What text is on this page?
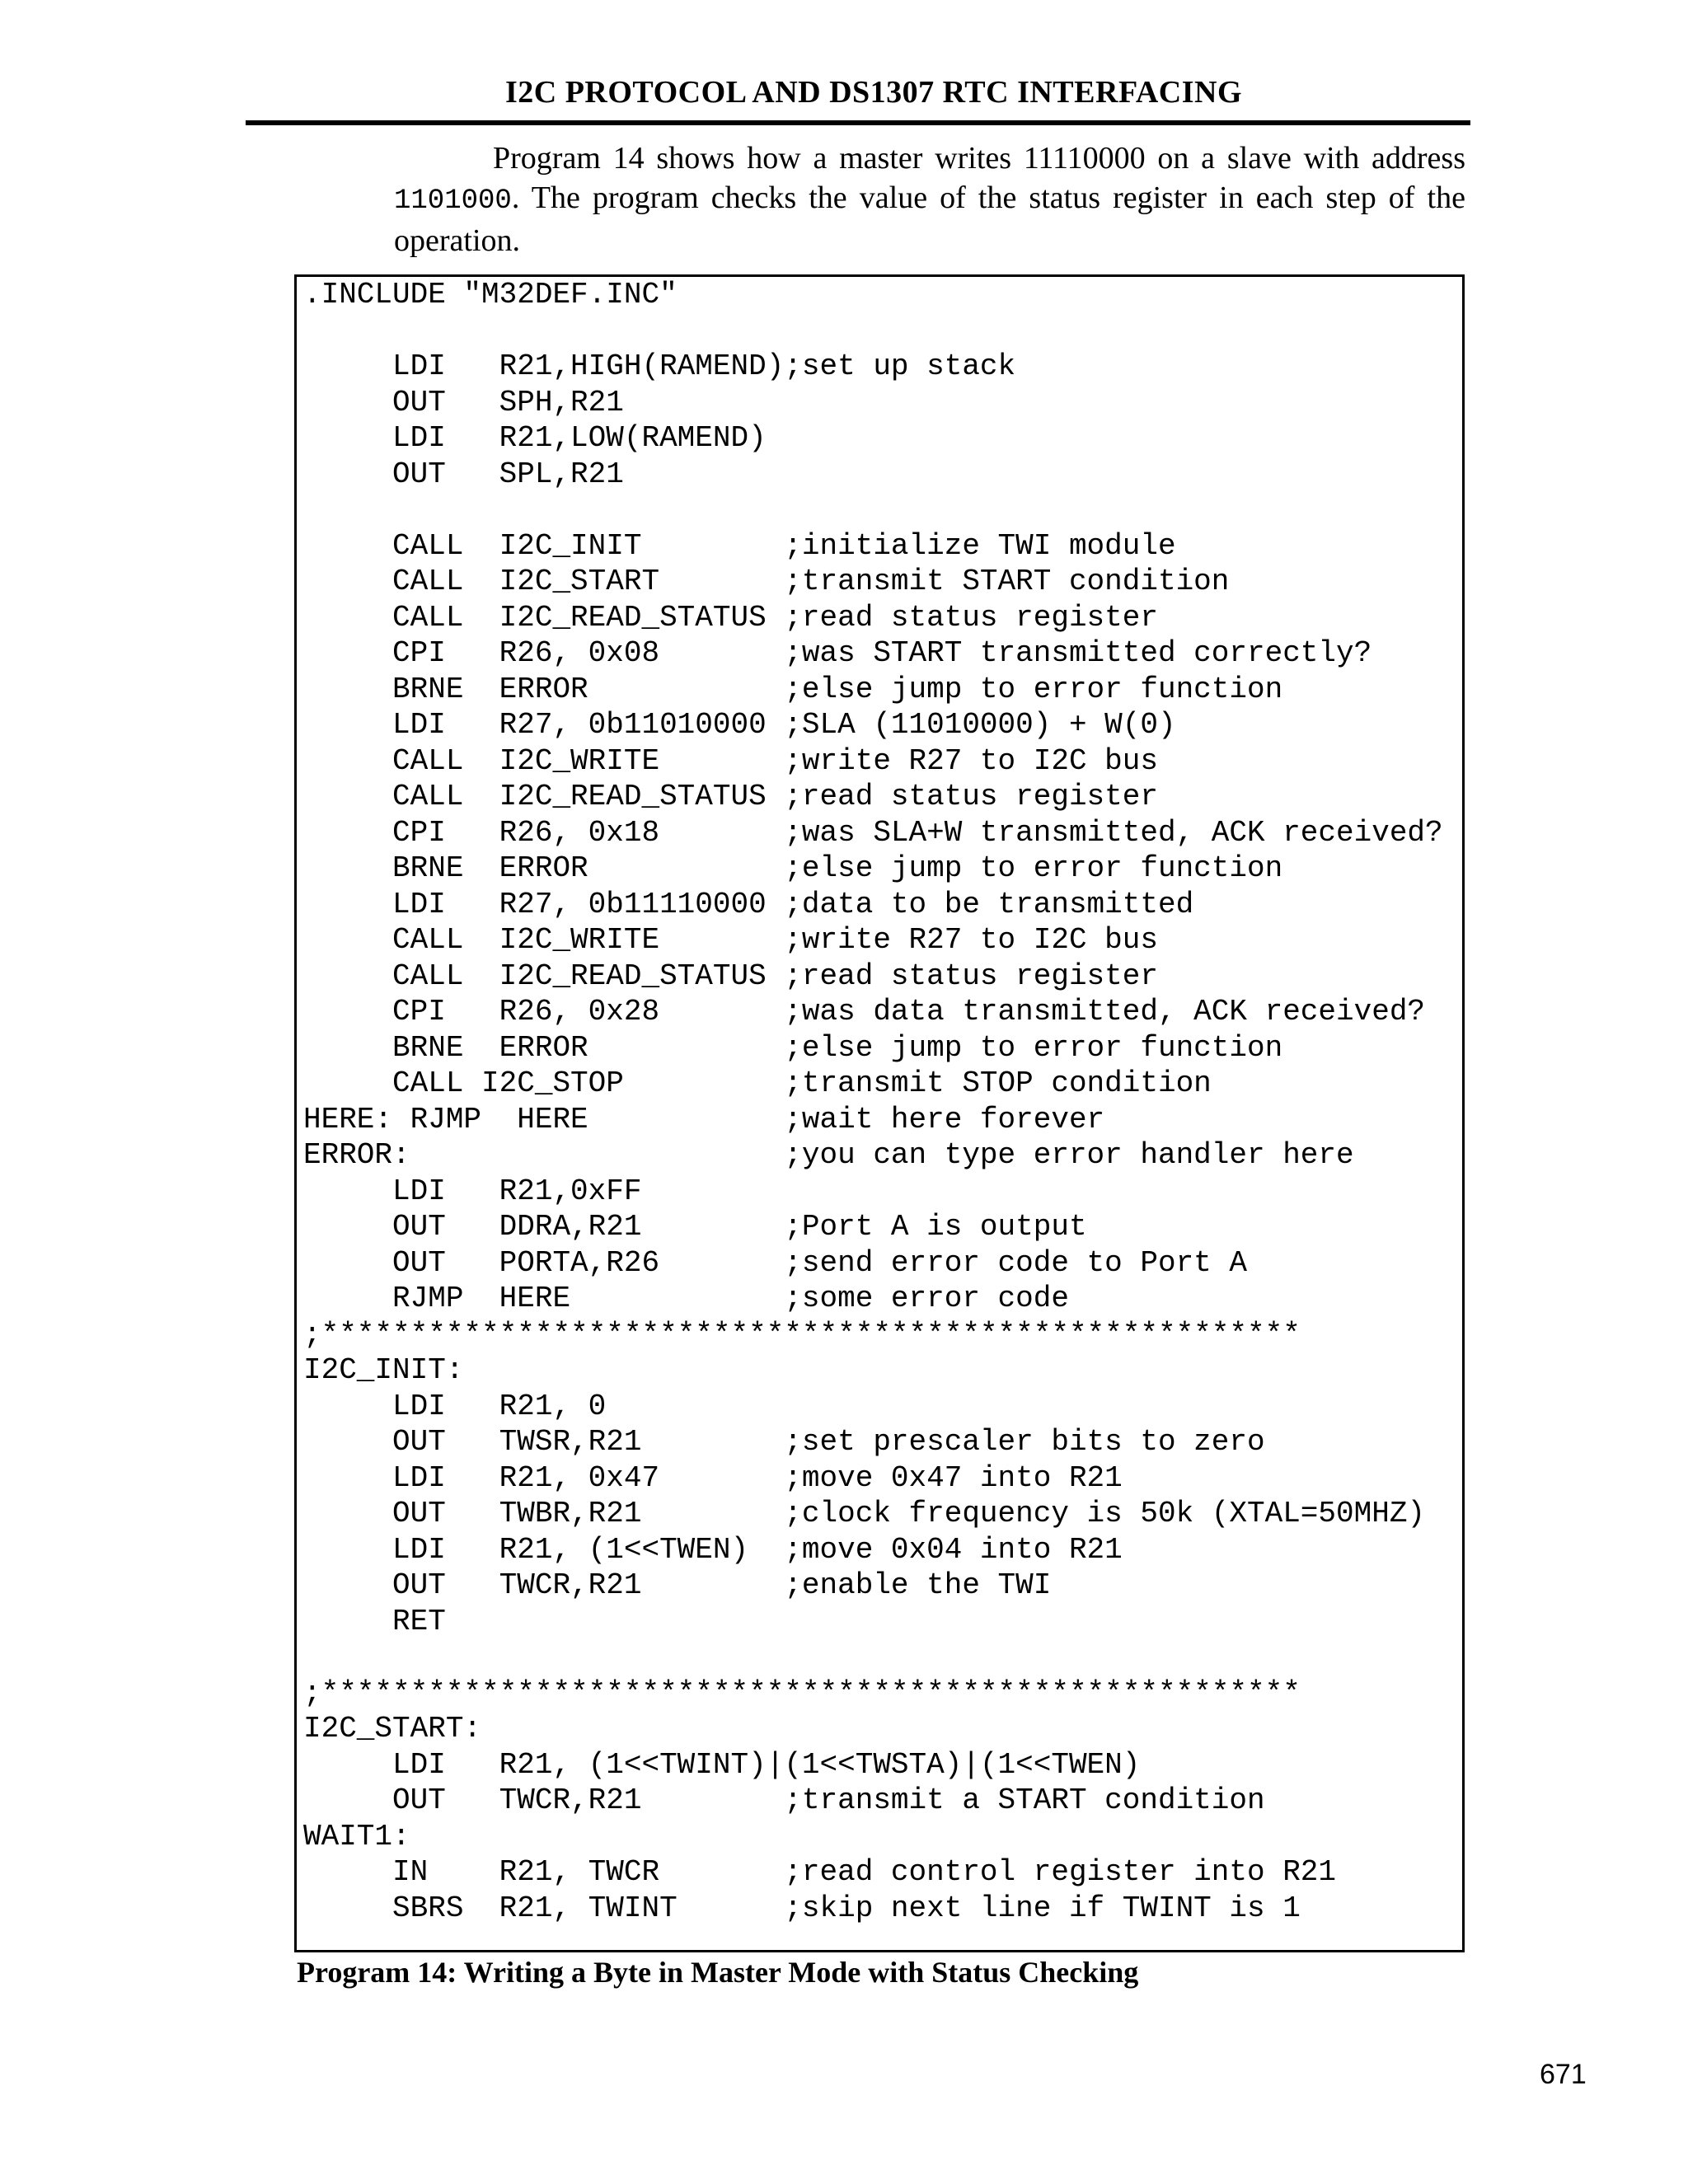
I2C PROTOCOL AND DS1307 RTC INTERFACING
Program 14 shows how a master writes 11110000 on a slave with address 1101000. The program checks the value of the status register in each step of the operation.
.INCLUDE "M32DEF.INC"
LDI   R21,HIGH(RAMEND);set up stack
OUT   SPH,R21
LDI   R21,LOW(RAMEND)
OUT   SPL,R21
CALL  I2C_INIT        ;initialize TWI module
CALL  I2C_START       ;transmit START condition
CALL  I2C_READ_STATUS ;read status register
CPI   R26, 0x08       ;was START transmitted correctly?
BRNE  ERROR           ;else jump to error function
LDI   R27, 0b11010000 ;SLA (11010000) + W(0)
CALL  I2C_WRITE       ;write R27 to I2C bus
CALL  I2C_READ_STATUS ;read status register
CPI   R26, 0x18       ;was SLA+W transmitted, ACK received?
BRNE  ERROR           ;else jump to error function
LDI   R27, 0b11110000 ;data to be transmitted
CALL  I2C_WRITE       ;write R27 to I2C bus
CALL  I2C_READ_STATUS ;read status register
CPI   R26, 0x28       ;was data transmitted, ACK received?
BRNE  ERROR           ;else jump to error function
CALL I2C_STOP         ;transmit STOP condition
HERE: RJMP  HERE           ;wait here forever
ERROR:                     ;you can type error handler here
LDI   R21,0xFF
OUT   DDRA,R21        ;Port A is output
OUT   PORTA,R26       ;send error code to Port A
RJMP  HERE            ;some error code
;*******************************************************
I2C_INIT:
LDI   R21, 0
OUT   TWSR,R21        ;set prescaler bits to zero
LDI   R21, 0x47       ;move 0x47 into R21
OUT   TWBR,R21        ;clock frequency is 50k (XTAL=50MHZ)
LDI   R21, (1<<TWEN)  ;move 0x04 into R21
OUT   TWCR,R21        ;enable the TWI
RET
;*******************************************************
I2C_START:
LDI   R21, (1<<TWINT)|(1<<TWSTA)|(1<<TWEN)
OUT   TWCR,R21        ;transmit a START condition
WAIT1:
IN    R21, TWCR       ;read control register into R21
SBRS  R21, TWINT      ;skip next line if TWINT is 1
Program 14: Writing a Byte in Master Mode with Status Checking
671
